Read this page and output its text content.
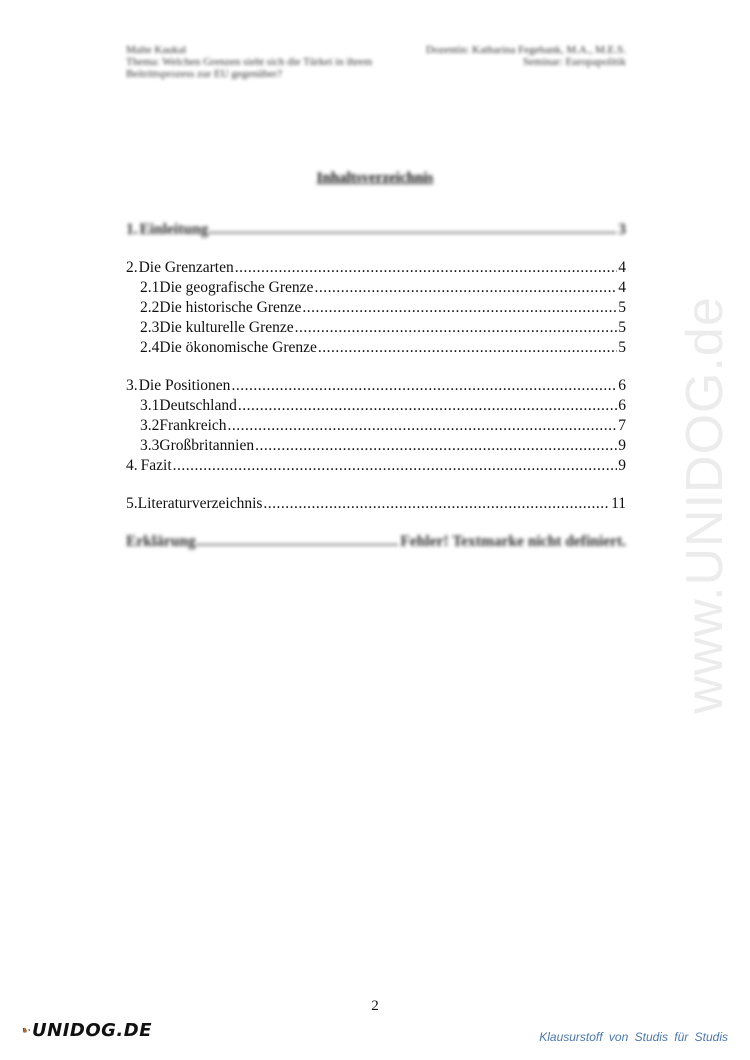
Malte Kaukal	Dozentin: Katharina Fegebank, M.A., M.E.S.
Thema: Welchen Grenzen sieht sich die Türkei in ihrem	Seminar: Europapolitik
Beitrittsprozess zur EU gegenüber?
Inhaltsverzeichnis
1. Einleitung .....	3
2. Die Grenzarten .....	4
2.1 Die geografische Grenze .....	4
2.2 Die historische Grenze .....	5
2.3 Die kulturelle Grenze .....	5
2.4 Die ökonomische Grenze .....	5
3. Die Positionen .....	6
3.1 Deutschland .....	6
3.2 Frankreich .....	7
3.3 Großbritannien .....	9
4. Fazit .....	9
5. Literaturverzeichnis .....	11
Erklärung .....	Fehler! Textmarke nicht definiert. www.UNIDOG.de
2
UNIDOG.DE	Klausurstoff von Studis für Studis
